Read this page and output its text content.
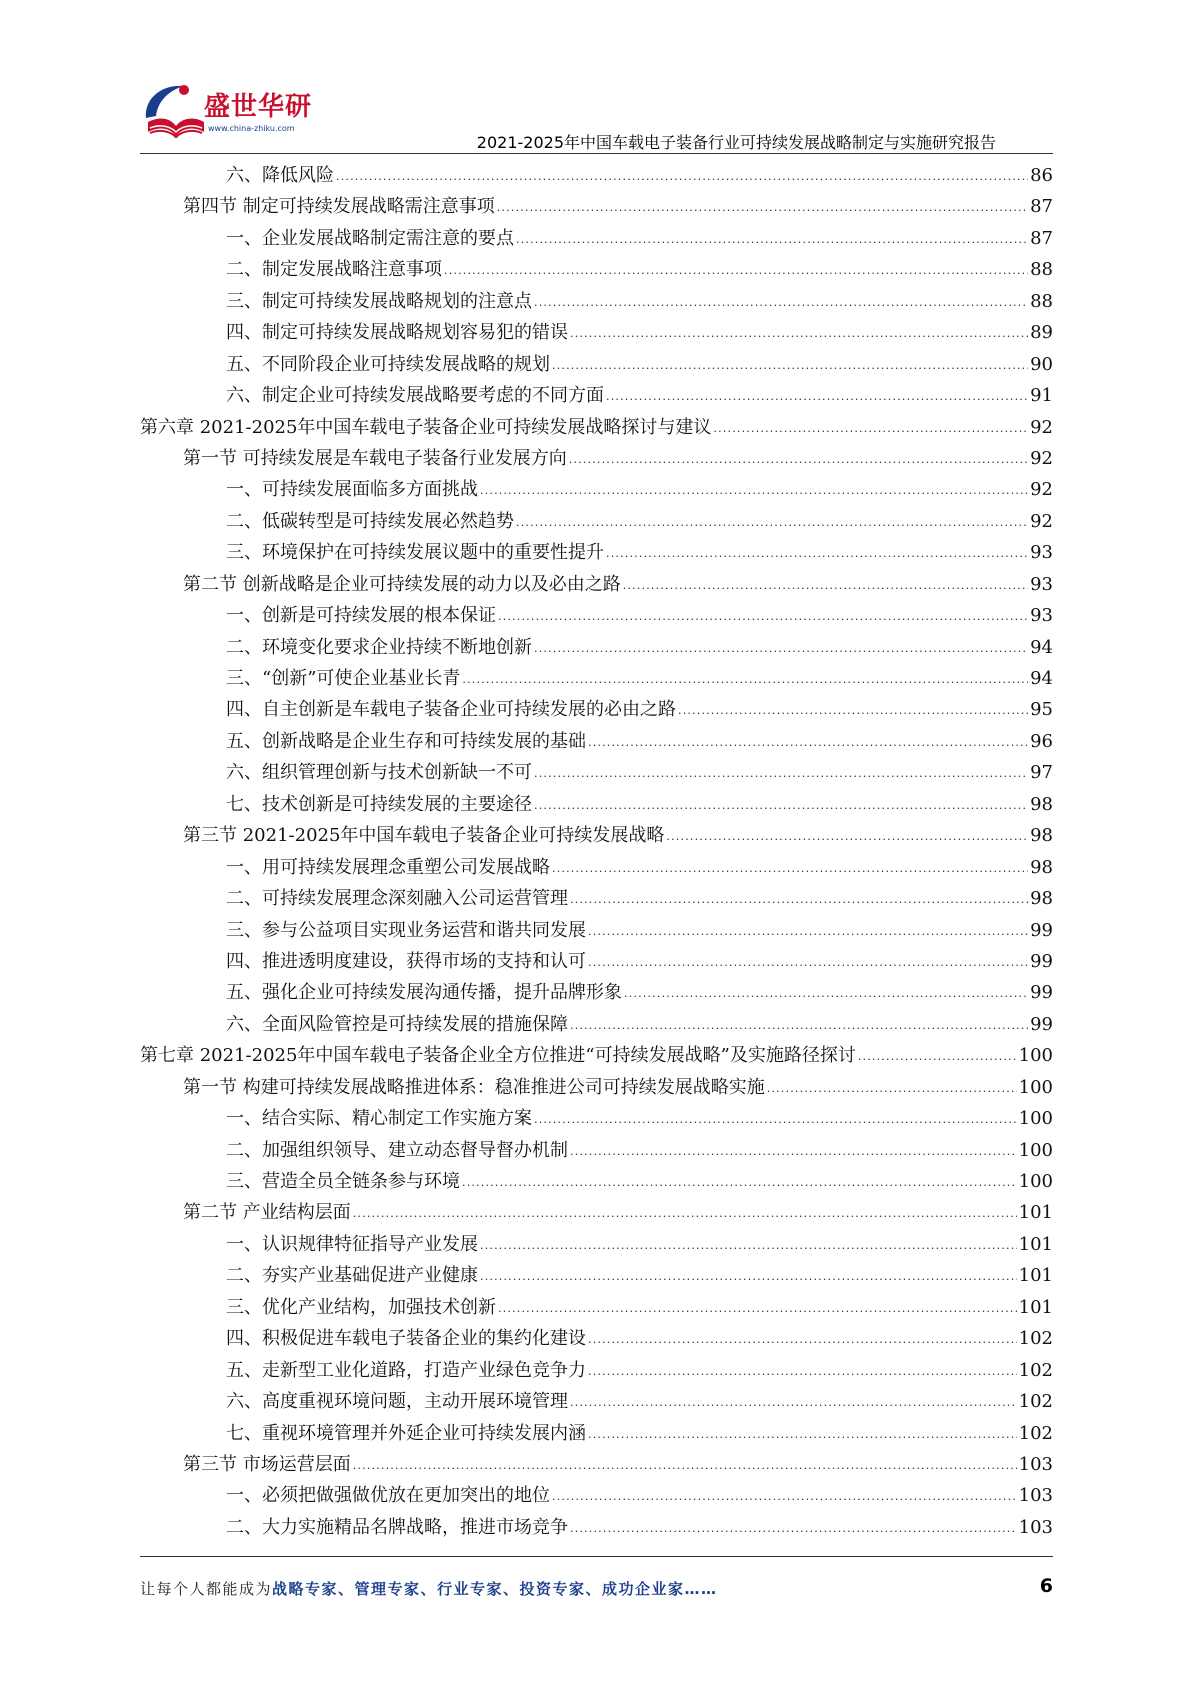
盛世华研
www.china-zhiku.com
2021-2025年中国车载电子装备行业可持续发展战略制定与实施研究报告
六、降低风险 .....	86
第四节 制定可持续发展战略需注意事项 .....	87
一、企业发展战略制定需注意的要点 .....	87
二、制定发展战略注意事项 .....	88
三、制定可持续发展战略规划的注意点 .....	88
四、制定可持续发展战略规划容易犯的错误 .....	89
五、不同阶段企业可持续发展战略的规划 .....	90
六、制定企业可持续发展战略要考虑的不同方面 .....	91
第六章 2021-2025年中国车载电子装备企业可持续发展战略探讨与建议 .....	92
第一节 可持续发展是车载电子装备行业发展方向 .....	92
一、可持续发展面临多方面挑战 .....	92
二、低碳转型是可持续发展必然趋势 .....	92
三、环境保护在可持续发展议题中的重要性提升 .....	93
第二节 创新战略是企业可持续发展的动力以及必由之路 .....	93
一、创新是可持续发展的根本保证 .....	93
二、环境变化要求企业持续不断地创新 .....	94
三、“创新”可使企业基业长青 .....	94
四、自主创新是车载电子装备企业可持续发展的必由之路 .....	95
五、创新战略是企业生存和可持续发展的基础 .....	96
六、组织管理创新与技术创新缺一不可 .....	97
七、技术创新是可持续发展的主要途径 .....	98
第三节 2021-2025年中国车载电子装备企业可持续发展战略 .....	98
一、用可持续发展理念重塑公司发展战略 .....	98
二、可持续发展理念深刻融入公司运营管理 .....	98
三、参与公益项目实现业务运营和谐共同发展 .....	99
四、推进透明度建设，获得市场的支持和认可 .....	99
五、强化企业可持续发展沟通传播，提升品牌形象 .....	99
六、全面风险管控是可持续发展的措施保障 .....	99
第七章 2021-2025年中国车载电子装备企业全方位推进“可持续发展战略”及实施路径探讨 .....	100
第一节 构建可持续发展战略推进体系：稳准推进公司可持续发展战略实施 .....	100
一、结合实际、精心制定工作实施方案 .....	100
二、加强组织领导、建立动态督导督办机制 .....	100
三、营造全员全链条参与环境 .....	100
第二节 产业结构层面 .....	101
一、认识规律特征指导产业发展 .....	101
二、夯实产业基础促进产业健康 .....	101
三、优化产业结构，加强技术创新 .....	101
四、积极促进车载电子装备企业的集约化建设 .....	102
五、走新型工业化道路，打造产业绿色竞争力 .....	102
六、高度重视环境问题，主动开展环境管理 .....	102
七、重视环境管理并外延企业可持续发展内涵 .....	102
第三节 市场运营层面 .....	103
一、必须把做强做优放在更加突出的地位 .....	103
二、大力实施精品名牌战略，推进市场竞争 .....	103
让每个人都能成为战略专家、管理专家、行业专家、投资专家、成功企业家……	6
